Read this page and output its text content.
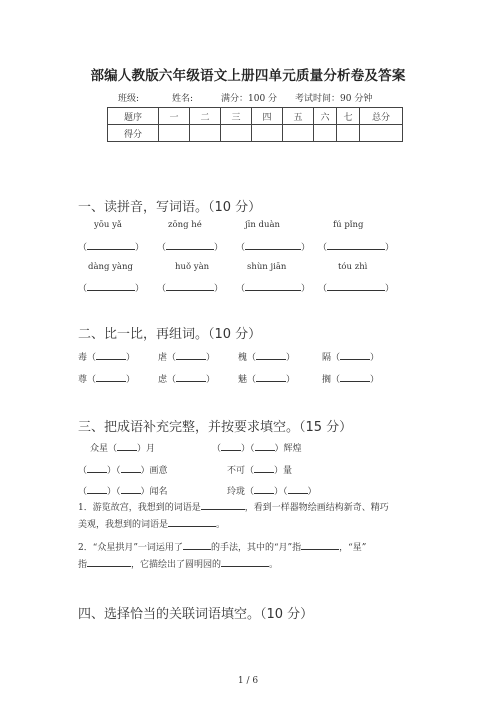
部编人教版六年级语文上册四单元质量分析卷及答案
班级:	姓名:	满分：100 分 考试时间：90 分钟
题序	一	二	三	四	五	六	七	总分
得分								
一、读拼音，写词语。（10 分）
yōu yǎ	zōng hé	jīn duàn	fú pǐng
（	） （	） （	） （	）
dàng yàng	huǒ yàn	shùn jiān	tóu zhì
（	） （	） （	） （	）
二、比一比，再组词。（10 分）
毒（	）	虐（	）	槐（	）	隔（	）
尊（	）	虑（	）	魅（	）	搁（	）
三、把成语补充完整，并按要求填空。（15 分）
众星（ ）月	（ ）（ ）辉煌
（ ）（ ）画意	不可（ ）量
（ ）（ ）闻名	玲珑（ ）（ ）
1．游览故宫，我想到的词语是	，看到一样器物绘画结构新奇、精巧
美观，我想到的词语是	。
2．“众星拱月”一词运用了	的手法，其中的“月”指	，“星”
指	，它描绘出了圆明园的	。
四、选择恰当的关联词语填空。（10 分）
1 / 6
